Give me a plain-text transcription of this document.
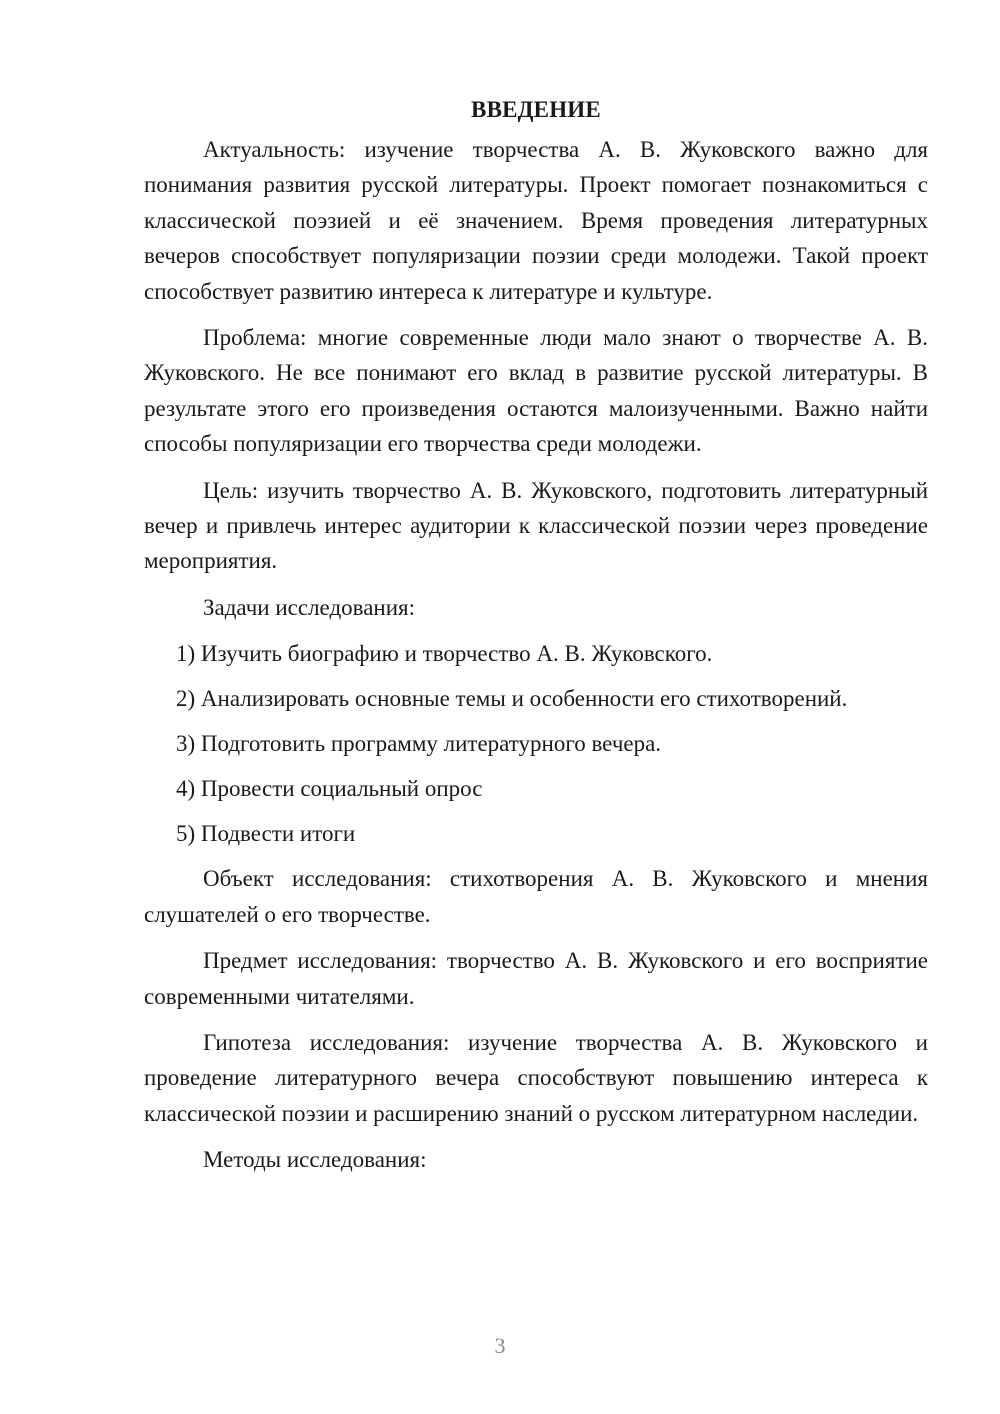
ВВЕДЕНИЕ

Актуальность: изучение творчества А. В. Жуковского важно для понимания развития русской литературы. Проект помогает познакомиться с классической поэзией и её значением. Время проведения литературных вечеров способствует популяризации поэзии среди молодежи. Такой проект способствует развитию интереса к литературе и культуре.

Проблема: многие современные люди мало знают о творчестве А. В. Жуковского. Не все понимают его вклад в развитие русской литературы. В результате этого его произведения остаются малоизученными. Важно найти способы популяризации его творчества среди молодежи.

Цель: изучить творчество А. В. Жуковского, подготовить литературный вечер и привлечь интерес аудитории к классической поэзии через проведение мероприятия.

Задачи исследования:

1) Изучить биографию и творчество А. В. Жуковского.
2) Анализировать основные темы и особенности его стихотворений.
3) Подготовить программу литературного вечера.
4) Провести социальный опрос
5) Подвести итоги

Объект исследования: стихотворения А. В. Жуковского и мнения слушателей о его творчестве.

Предмет исследования: творчество А. В. Жуковского и его восприятие современными читателями.

Гипотеза исследования: изучение творчества А. В. Жуковского и проведение литературного вечера способствуют повышению интереса к классической поэзии и расширению знаний о русском литературном наследии.

Методы исследования:

3
